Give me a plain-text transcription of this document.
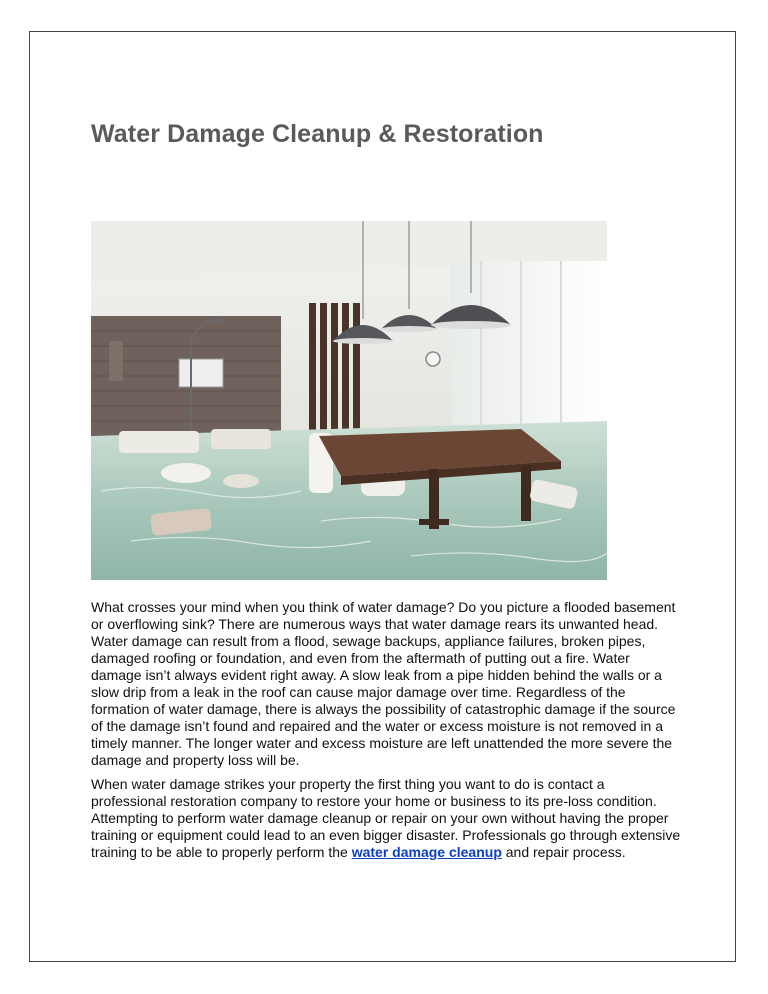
Water Damage Cleanup & Restoration

What crosses your mind when you think of water damage? Do you picture a flooded basement or overflowing sink? There are numerous ways that water damage rears its unwanted head. Water damage can result from a flood, sewage backups, appliance failures, broken pipes, damaged roofing or foundation, and even from the aftermath of putting out a fire. Water damage isn’t always evident right away. A slow leak from a pipe hidden behind the walls or a slow drip from a leak in the roof can cause major damage over time. Regardless of the formation of water damage, there is always the possibility of catastrophic damage if the source of the damage isn’t found and repaired and the water or excess moisture is not removed in a timely manner. The longer water and excess moisture are left unattended the more severe the damage and property loss will be.

When water damage strikes your property the first thing you want to do is contact a professional restoration company to restore your home or business to its pre-loss condition. Attempting to perform water damage cleanup or repair on your own without having the proper training or equipment could lead to an even bigger disaster. Professionals go through extensive training to be able to properly perform the water damage cleanup and repair process.
